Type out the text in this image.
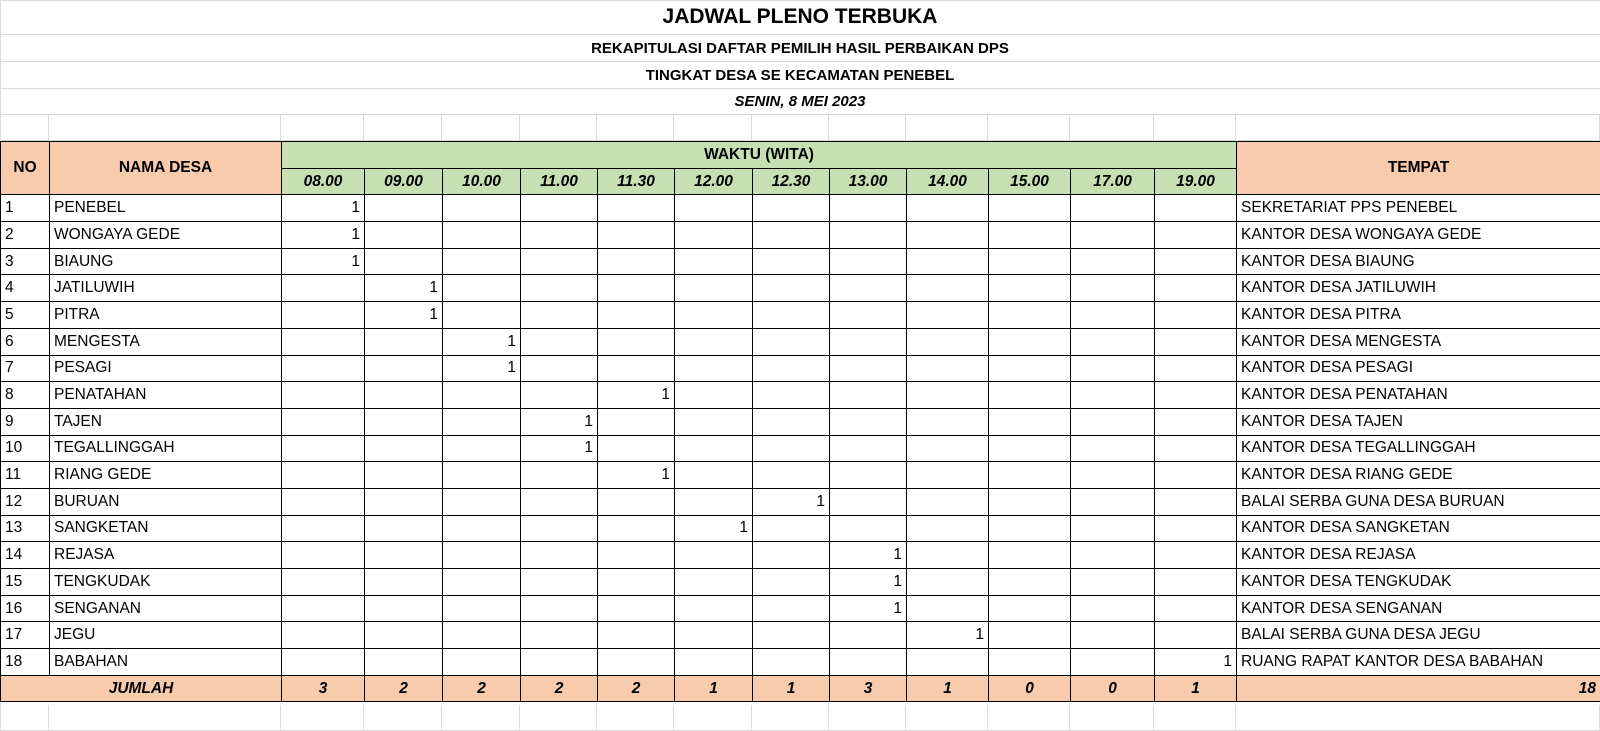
JADWAL PLENO TERBUKA
REKAPITULASI DAFTAR PEMILIH HASIL PERBAIKAN DPS
TINGKAT DESA SE KECAMATAN PENEBEL
SENIN, 8 MEI 2023
NO	NAMA DESA	WAKTU (WITA)												TEMPAT
		08.00	09.00	10.00	11.00	11.30	12.00	12.30	13.00	14.00	15.00	17.00	19.00	
1	PENEBEL	1												SEKRETARIAT PPS PENEBEL
2	WONGAYA GEDE	1												KANTOR DESA WONGAYA GEDE
3	BIAUNG	1												KANTOR DESA BIAUNG
4	JATILUWIH		1											KANTOR DESA JATILUWIH
5	PITRA		1											KANTOR DESA PITRA
6	MENGESTA			1										KANTOR DESA MENGESTA
7	PESAGI			1										KANTOR DESA PESAGI
8	PENATAHAN					1								KANTOR DESA PENATAHAN
9	TAJEN				1									KANTOR DESA TAJEN
10	TEGALLINGGAH				1									KANTOR DESA TEGALLINGGAH
11	RIANG GEDE					1								KANTOR DESA RIANG GEDE
12	BURUAN							1						BALAI SERBA GUNA DESA BURUAN
13	SANGKETAN						1							KANTOR DESA SANGKETAN
14	REJASA								1					KANTOR DESA REJASA
15	TENGKUDAK								1					KANTOR DESA TENGKUDAK
16	SENGANAN								1					KANTOR DESA SENGANAN
17	JEGU									1				BALAI SERBA GUNA DESA JEGU
18	BABAHAN												1	RUANG RAPAT KANTOR DESA BABAHAN
JUMLAH		3	2	2	2	2	1	1	3	1	0	0	1	18
